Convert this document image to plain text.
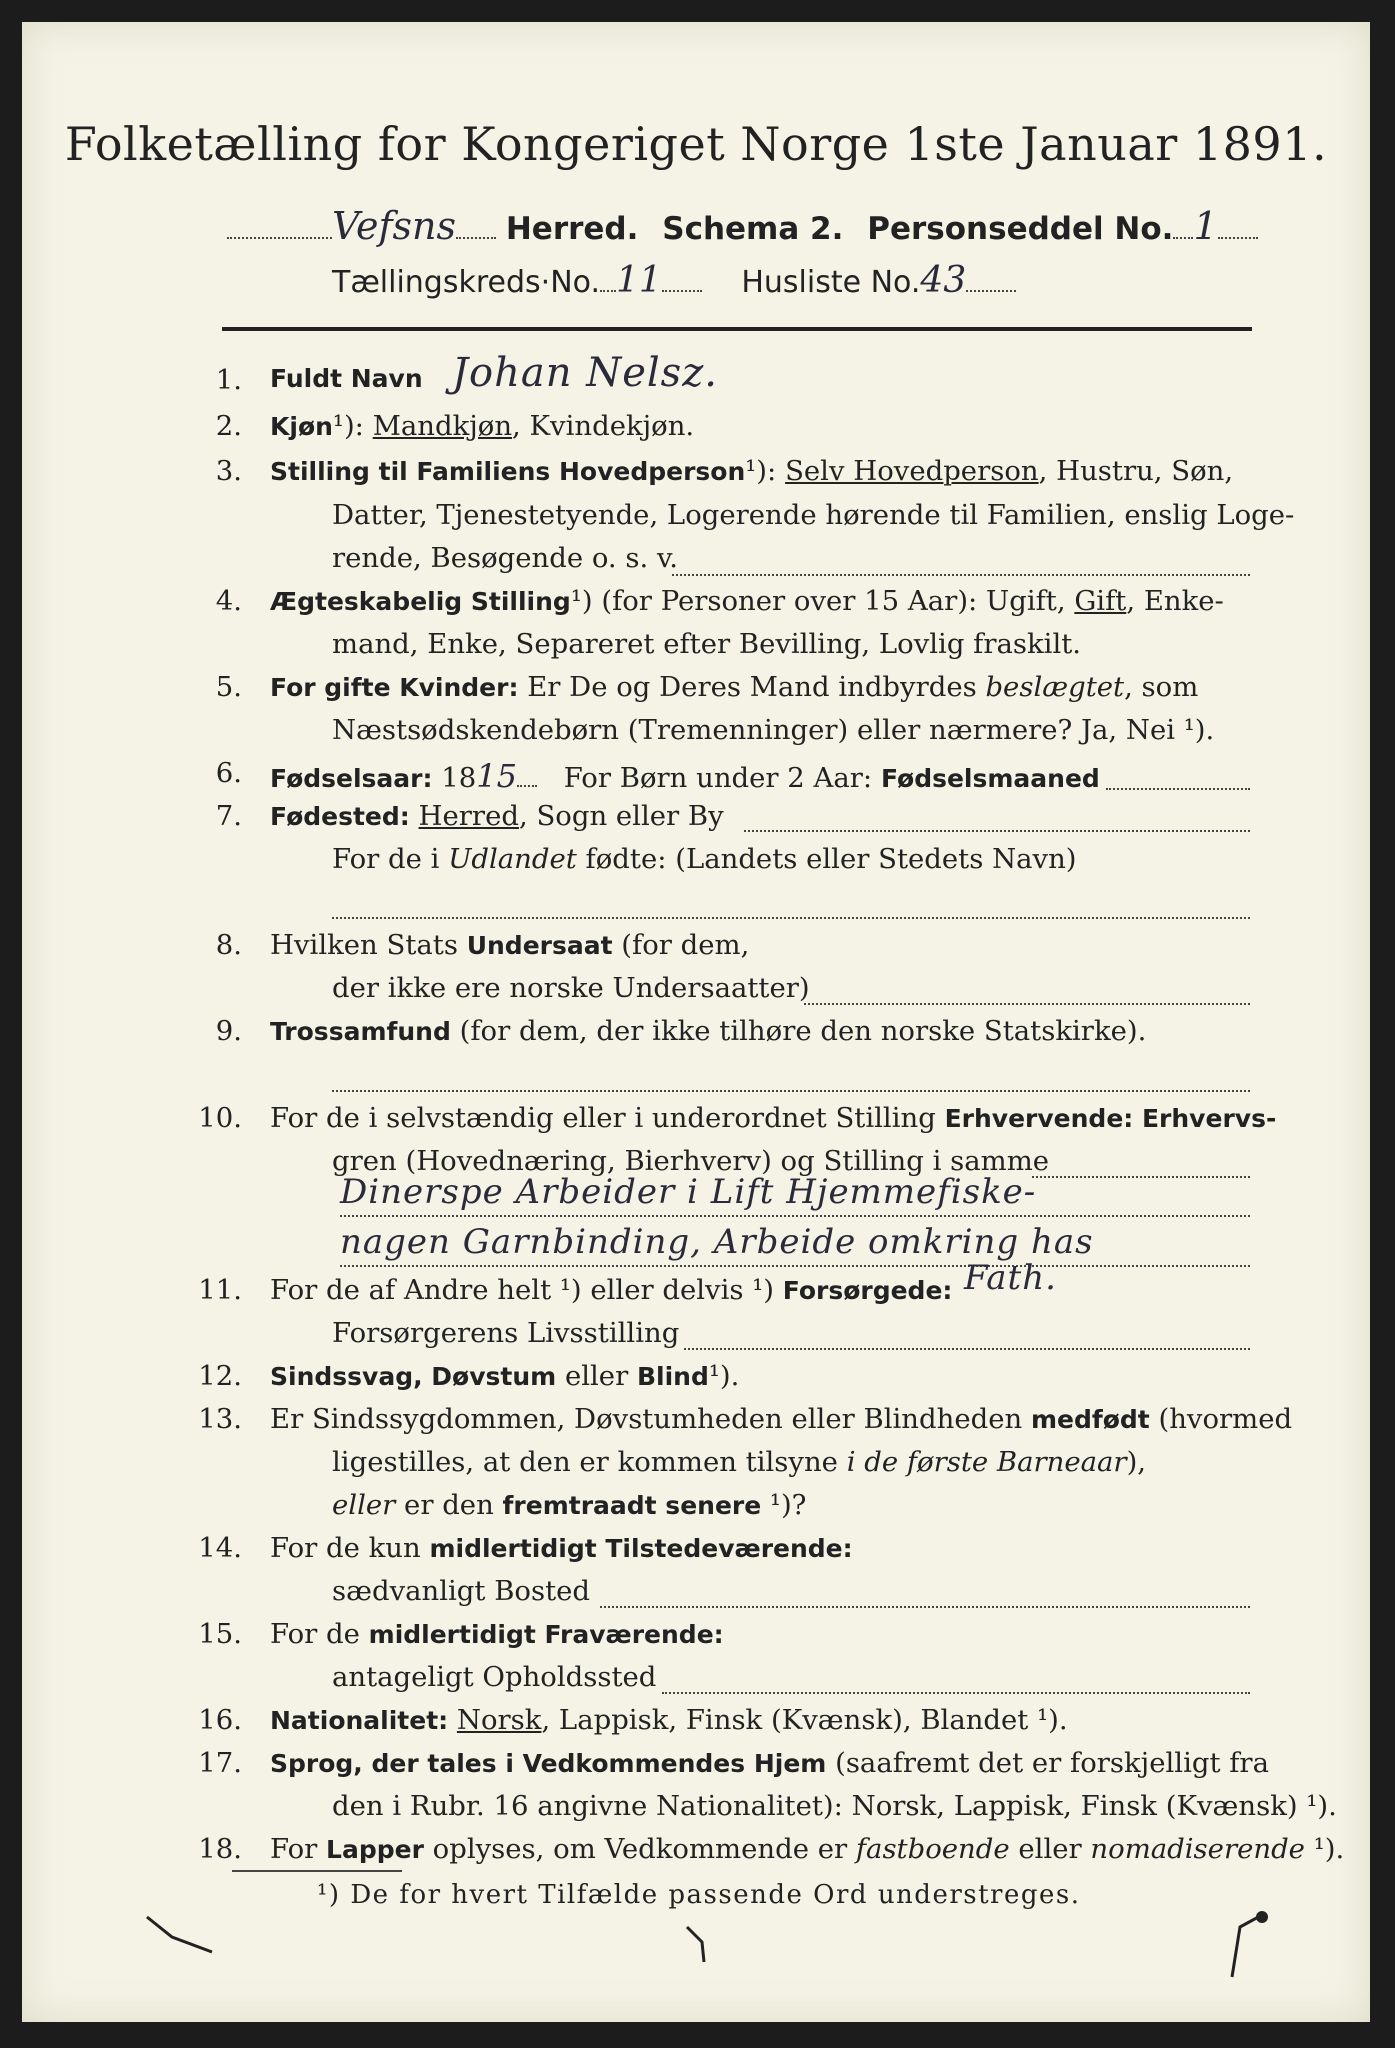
Folketælling for Kongeriget Norge 1ste Januar 1891.
Vefsns Herred. Schema 2. Personseddel No. 1
Tællingskreds·No. 11	Husliste No.43
1. Fuldt Navn Johan Nelsz.
2. Kjøn¹): Mandkjøn, Kvindekjøn.
3. Stilling til Familiens Hovedperson¹): Selv Hovedperson, Hustru, Søn,
Datter, Tjenestetyende, Logerende hørende til Familien, enslig Loge-
rende, Besøgende o. s. v.
4. Ægteskabelig Stilling¹) (for Personer over 15 Aar): Ugift, Gift, Enke-
mand, Enke, Separeret efter Bevilling, Lovlig fraskilt.
5. For gifte Kvinder: Er De og Deres Mand indbyrdes beslægtet, som
Næstsødskendebørn (Tremenninger) eller nærmere? Ja, Nei ¹).
6. Fødselsaar: 1815 For Børn under 2 Aar: Fødselsmaaned
7. Fødested: Herred, Sogn eller By
For de i Udlandet fødte: (Landets eller Stedets Navn)
8. Hvilken Stats Undersaat (for dem,
der ikke ere norske Undersaatter)
9. Trossamfund (for dem, der ikke tilhøre den norske Statskirke).
10. For de i selvstændig eller i underordnet Stilling Erhvervende: Erhvervs-
gren (Hovednæring, Bierhverv) og Stilling i samme
Dinerspe Arbeider i Lift Hjemmefiske-
nagen Garnbinding, Arbeide omkring has
11. For de af Andre helt ¹) eller delvis ¹) Forsørgede: Fath.
Forsørgerens Livsstilling
12. Sindssvag, Døvstum eller Blind¹).
13. Er Sindssygdommen, Døvstumheden eller Blindheden medfødt (hvormed
ligestilles, at den er kommen tilsyne i de første Barneaar),
eller er den fremtraadt senere ¹)?
14. For de kun midlertidigt Tilstedeværende:
sædvanligt Bosted
15. For de midlertidigt Fraværende:
antageligt Opholdssted
16. Nationalitet: Norsk, Lappisk, Finsk (Kvænsk), Blandet ¹).
17. Sprog, der tales i Vedkommendes Hjem (saafremt det er forskjelligt fra
den i Rubr. 16 angivne Nationalitet): Norsk, Lappisk, Finsk (Kvænsk) ¹).
18. For Lapper oplyses, om Vedkommende er fastboende eller nomadiserende ¹).
¹) De for hvert Tilfælde passende Ord understreges.
